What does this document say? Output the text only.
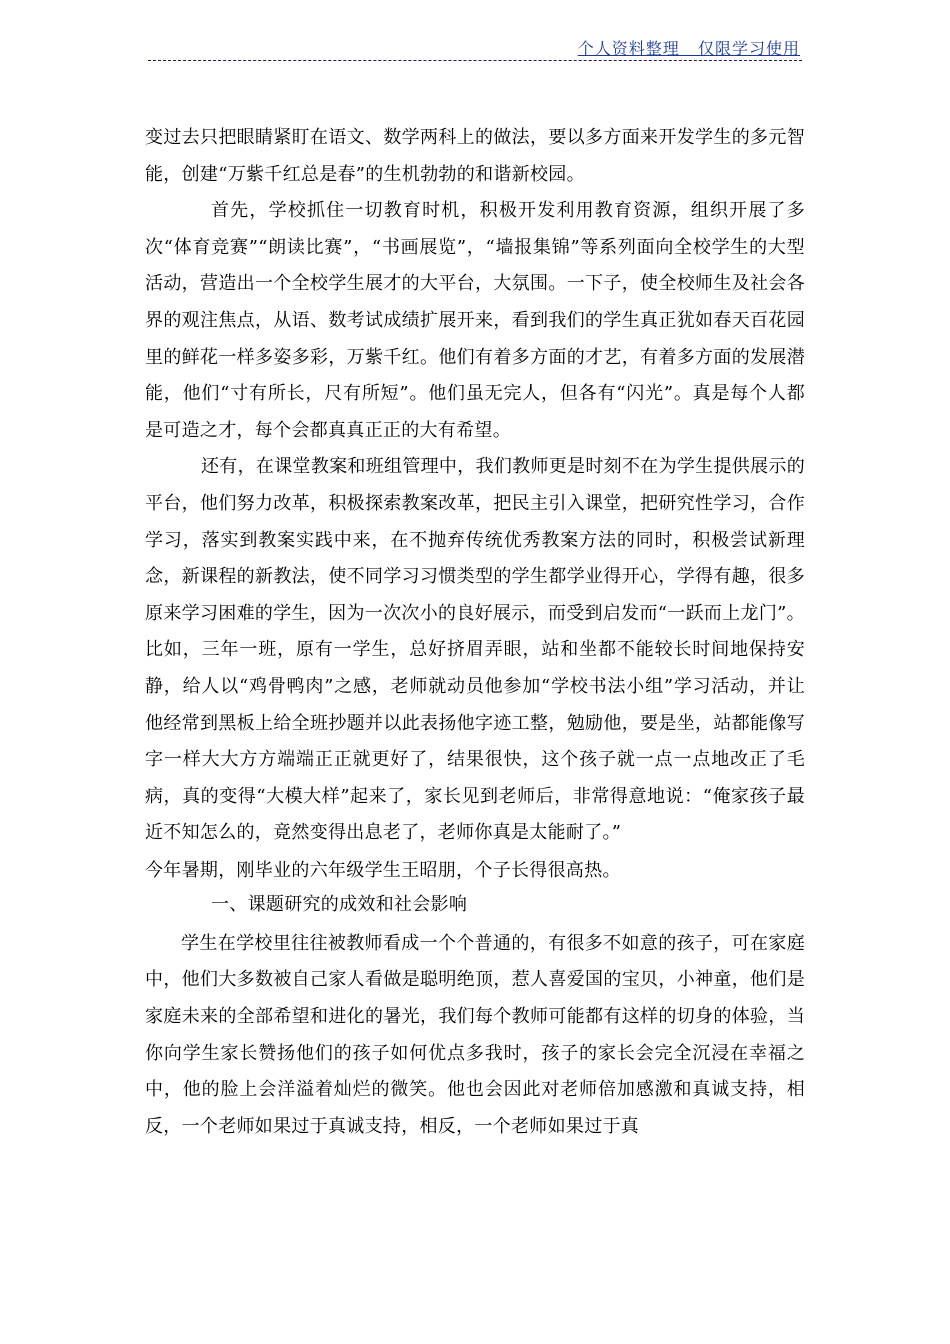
个人资料整理   仅限学习使用

变过去只把眼睛紧盯在语文、数学两科上的做法，要以多方面来开发学生的多元智能，创建“万紫千红总是春”的生机勃勃的和谐新校园。

首先，学校抓住一切教育时机，积极开发利用教育资源，组织开展了多次“体育竞赛”“朗读比赛”，“书画展览”，“墙报集锦”等系列面向全校学生的大型活动，营造出一个全校学生展才的大平台，大氛围。一下子，使全校师生及社会各界的观注焦点，从语、数考试成绩扩展开来，看到我们的学生真正犹如春天百花园里的鲜花一样多姿多彩，万紫千红。他们有着多方面的才艺，有着多方面的发展潜能，他们“寸有所长，尺有所短”。他们虽无完人，但各有“闪光”。真是每个人都是可造之才，每个会都真真正正的大有希望。

还有，在课堂教案和班组管理中，我们教师更是时刻不在为学生提供展示的平台，他们努力改革，积极探索教案改革，把民主引入课堂，把研究性学习，合作学习，落实到教案实践中来，在不抛弃传统优秀教案方法的同时，积极尝试新理念，新课程的新教法，使不同学习习惯类型的学生都学业得开心，学得有趣，很多原来学习困难的学生，因为一次次小的良好展示，而受到启发而“一跃而上龙门”。比如，三年一班，原有一学生，总好挤眉弄眼，站和坐都不能较长时间地保持安静，给人以“鸡骨鸭肉”之感，老师就动员他参加“学校书法小组”学习活动，并让他经常到黑板上给全班抄题并以此表扬他字迹工整，勉励他，要是坐，站都能像写字一样大大方方端端正正就更好了，结果很快，这个孩子就一点一点地改正了毛病，真的变得“大模大样”起来了，家长见到老师后，非常得意地说：“俺家孩子最近不知怎么的，竟然变得出息老了，老师你真是太能耐了。”

今年暑期，刚毕业的六年级学生王昭朋，个子长得很高热。

一、课题研究的成效和社会影响

学生在学校里往往被教师看成一个个普通的，有很多不如意的孩子，可在家庭中，他们大多数被自己家人看做是聪明绝顶，惹人喜爱国的宝贝，小神童，他们是家庭未来的全部希望和进化的暑光，我们每个教师可能都有这样的切身的体验，当你向学生家长赞扬他们的孩子如何优点多我时，孩子的家长会完全沉浸在幸福之中，他的脸上会洋溢着灿烂的微笑。他也会因此对老师倍加感激和真诚支持，相反，一个老师如果过于真诚支持，相反，一个老师如果过于真
